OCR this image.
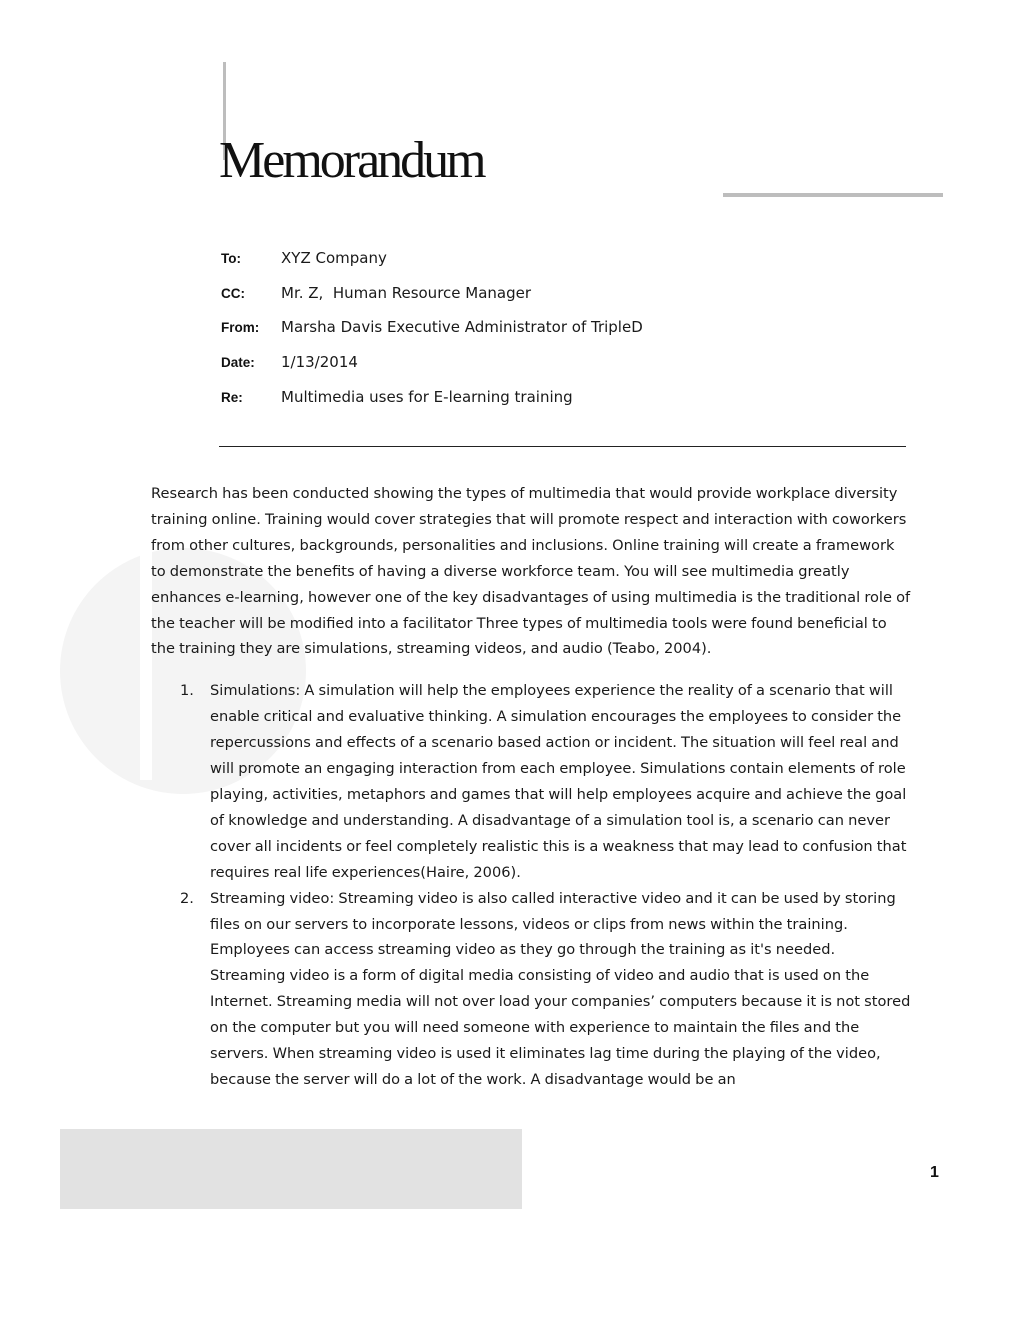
Memorandum
To:	XYZ Company
CC:	Mr. Z,  Human Resource Manager
From:	Marsha Davis Executive Administrator of TripleD
Date:	1/13/2014
Re:	Multimedia uses for E-learning training

Research has been conducted showing the types of multimedia that would provide workplace diversity training online. Training would cover strategies that will promote respect and interaction with coworkers from other cultures, backgrounds, personalities and inclusions. Online training will create a framework to demonstrate the benefits of having a diverse workforce team. You will see multimedia greatly enhances e-learning, however one of the key disadvantages of using multimedia is the traditional role of the teacher will be modified into a facilitator Three types of multimedia tools were found beneficial to the training they are simulations, streaming videos, and audio (Teabo, 2004).

1. Simulations: A simulation will help the employees experience the reality of a scenario that will enable critical and evaluative thinking. A simulation encourages the employees to consider the repercussions and effects of a scenario based action or incident. The situation will feel real and will promote an engaging interaction from each employee. Simulations contain elements of role playing, activities, metaphors and games that will help employees acquire and achieve the goal of knowledge and understanding. A disadvantage of a simulation tool is, a scenario can never cover all incidents or feel completely realistic this is a weakness that may lead to confusion that requires real life experiences(Haire, 2006).
2. Streaming video: Streaming video is also called interactive video and it can be used by storing files on our servers to incorporate lessons, videos or clips from news within the training. Employees can access streaming video as they go through the training as it's needed. Streaming video is a form of digital media consisting of video and audio that is used on the Internet. Streaming media will not over load your companies’ computers because it is not stored on the computer but you will need someone with experience to maintain the files and the servers. When streaming video is used it eliminates lag time during the playing of the video, because the server will do a lot of the work. A disadvantage would be an
1
